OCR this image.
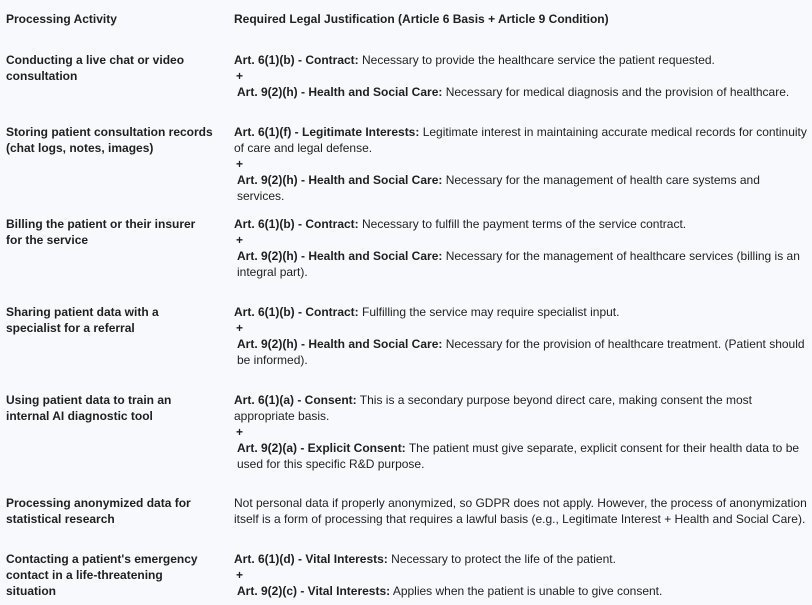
Processing Activity	Required Legal Justification (Article 6 Basis + Article 9 Condition)

Conducting a live chat or video consultation	Art. 6(1)(b) - Contract: Necessary to provide the healthcare service the patient requested.
+
Art. 9(2)(h) - Health and Social Care: Necessary for medical diagnosis and the provision of healthcare.

Storing patient consultation records (chat logs, notes, images)	Art. 6(1)(f) - Legitimate Interests: Legitimate interest in maintaining accurate medical records for continuity of care and legal defense.
+
Art. 9(2)(h) - Health and Social Care: Necessary for the management of health care systems and services.

Billing the patient or their insurer for the service	Art. 6(1)(b) - Contract: Necessary to fulfill the payment terms of the service contract.
+
Art. 9(2)(h) - Health and Social Care: Necessary for the management of healthcare services (billing is an integral part).

Sharing patient data with a specialist for a referral	Art. 6(1)(b) - Contract: Fulfilling the service may require specialist input.
+
Art. 9(2)(h) - Health and Social Care: Necessary for the provision of healthcare treatment. (Patient should be informed).

Using patient data to train an internal AI diagnostic tool	Art. 6(1)(a) - Consent: This is a secondary purpose beyond direct care, making consent the most appropriate basis.
+
Art. 9(2)(a) - Explicit Consent: The patient must give separate, explicit consent for their health data to be used for this specific R&D purpose.

Processing anonymized data for statistical research	Not personal data if properly anonymized, so GDPR does not apply. However, the process of anonymization itself is a form of processing that requires a lawful basis (e.g., Legitimate Interest + Health and Social Care).

Contacting a patient's emergency contact in a life-threatening situation	Art. 6(1)(d) - Vital Interests: Necessary to protect the life of the patient.
+
Art. 9(2)(c) - Vital Interests: Applies when the patient is unable to give consent.
